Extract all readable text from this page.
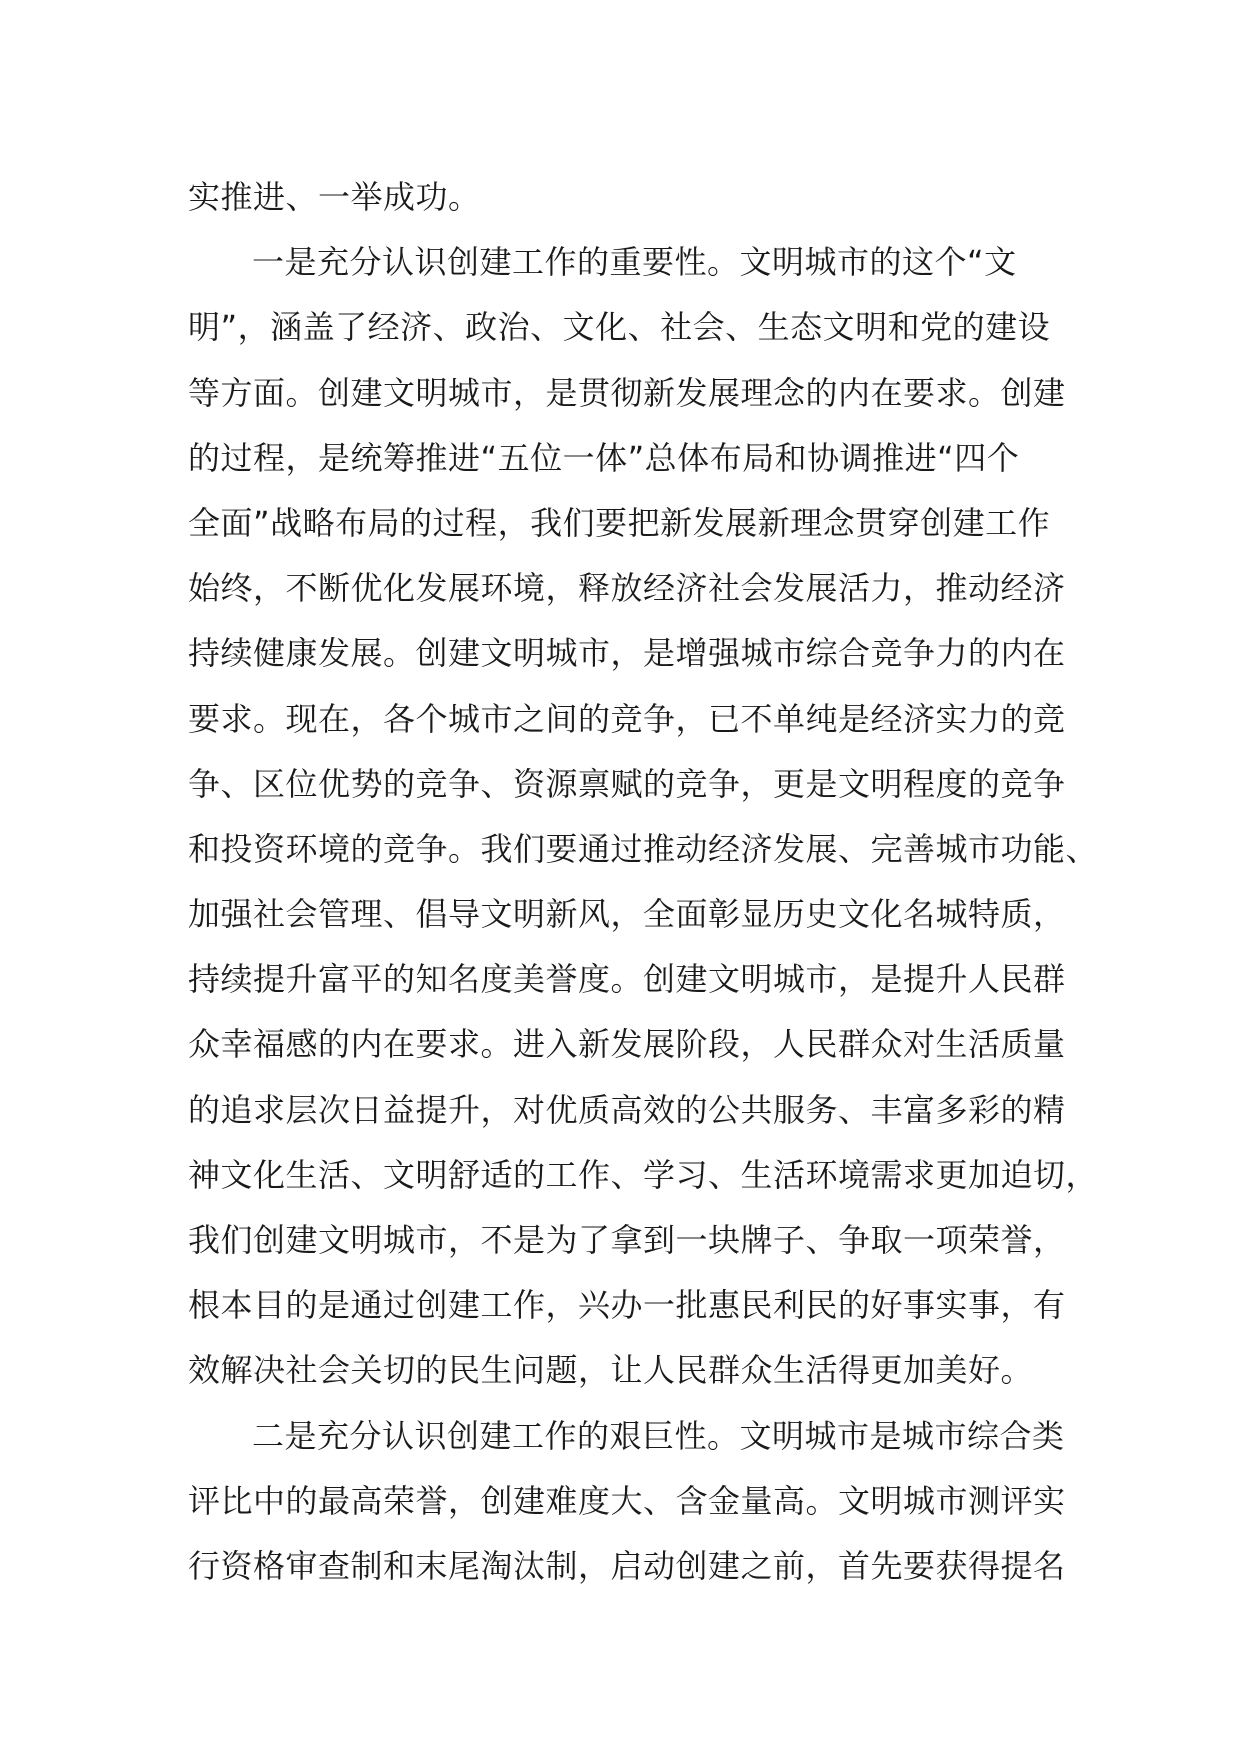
实推进、一举成功。
一是充分认识创建工作的重要性。文明城市的这个“文
明”，涵盖了经济、政治、文化、社会、生态文明和党的建设
等方面。创建文明城市，是贯彻新发展理念的内在要求。创建
的过程，是统筹推进“五位一体”总体布局和协调推进“四个
全面”战略布局的过程，我们要把新发展新理念贯穿创建工作
始终，不断优化发展环境，释放经济社会发展活力，推动经济
持续健康发展。创建文明城市，是增强城市综合竞争力的内在
要求。现在，各个城市之间的竞争，已不单纯是经济实力的竞
争、区位优势的竞争、资源禀赋的竞争，更是文明程度的竞争
和投资环境的竞争。我们要通过推动经济发展、完善城市功能、
加强社会管理、倡导文明新风，全面彰显历史文化名城特质，
持续提升富平的知名度美誉度。创建文明城市，是提升人民群
众幸福感的内在要求。进入新发展阶段，人民群众对生活质量
的追求层次日益提升，对优质高效的公共服务、丰富多彩的精
神文化生活、文明舒适的工作、学习、生活环境需求更加迫切，
我们创建文明城市，不是为了拿到一块牌子、争取一项荣誉，
根本目的是通过创建工作，兴办一批惠民利民的好事实事，有
效解决社会关切的民生问题，让人民群众生活得更加美好。
二是充分认识创建工作的艰巨性。文明城市是城市综合类
评比中的最高荣誉，创建难度大、含金量高。文明城市测评实
行资格审查制和末尾淘汰制，启动创建之前，首先要获得提名
